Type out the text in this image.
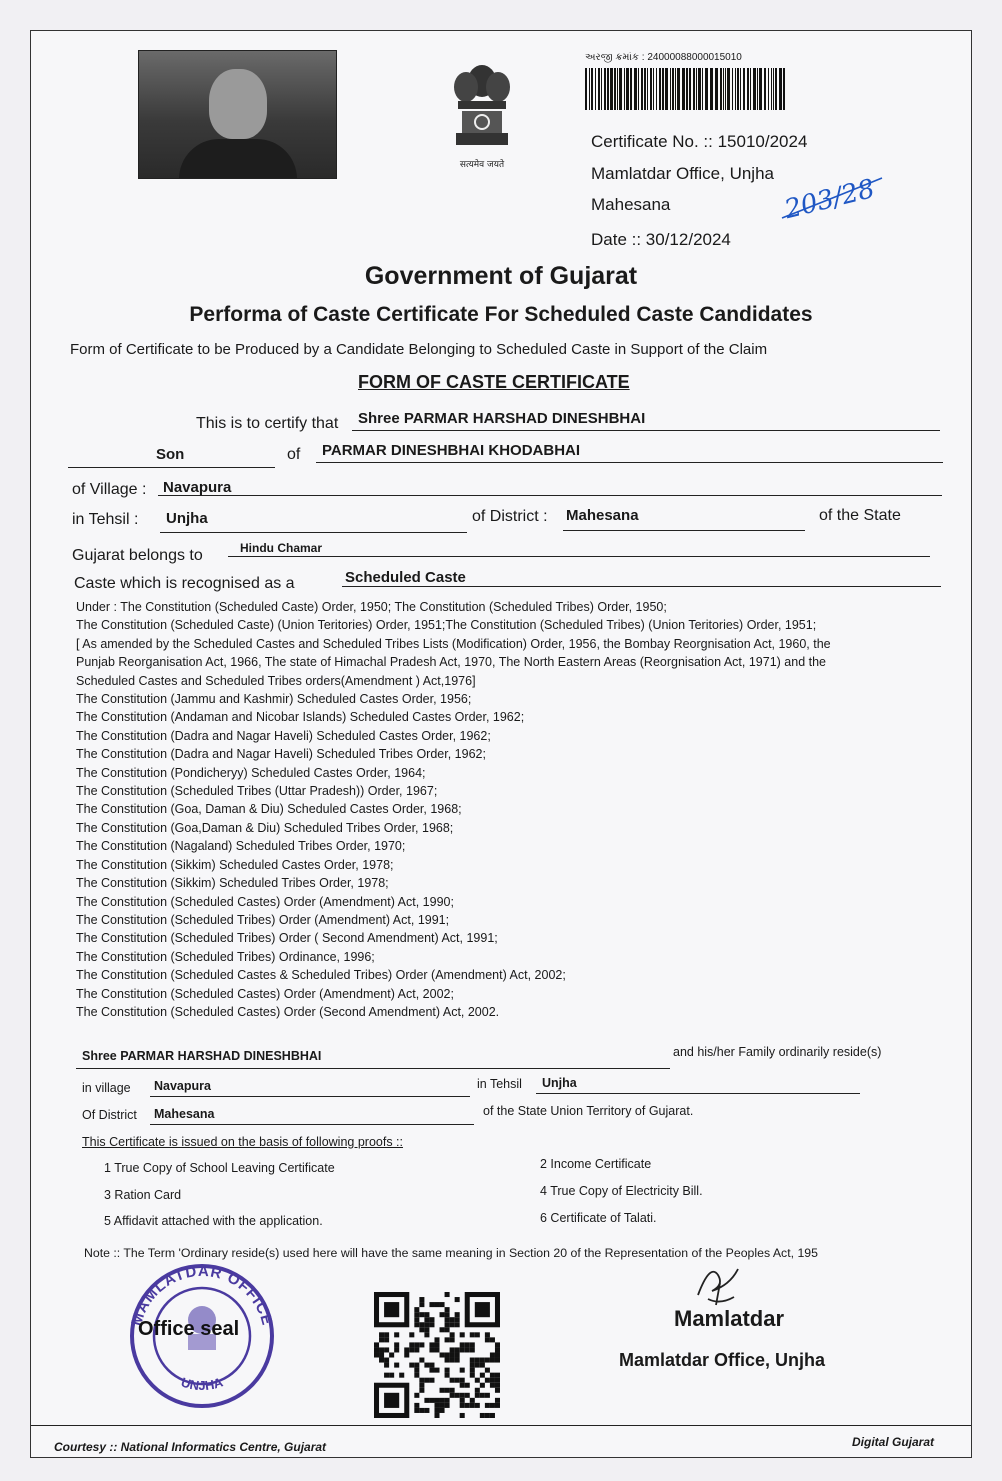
सत्यमेव जयते
અરજી ક્રમાંક : 24000088000015010
Certificate No. :: 15010/2024
Mamlatdar Office, Unjha
Mahesana
Date :: 30/12/2024
203/28
Government of Gujarat
Performa of Caste Certificate For Scheduled Caste Candidates
Form of Certificate to be Produced by a Candidate Belonging to Scheduled Caste in Support of the Claim
FORM OF CASTE CERTIFICATE
This is to certify that Shree PARMAR HARSHAD DINESHBHAI
Son	of PARMAR DINESHBHAI KHODABHAI
of Village : Navapura
in Tehsil : Unjha	of District : Mahesana	of the State
Gujarat belongs to	Hindu Chamar
Caste which is recognised as a	Scheduled Caste
Under : The Constitution (Scheduled Caste) Order, 1950; The Constitution (Scheduled Tribes) Order, 1950;
The Constitution (Scheduled Caste) (Union Teritories) Order, 1951;The Constitution (Scheduled Tribes) (Union Teritories) Order, 1951;
[ As amended by the Scheduled Castes and Scheduled Tribes Lists (Modification) Order, 1956, the Bombay Reorgnisation Act, 1960, the
Punjab Reorganisation Act, 1966, The state of Himachal Pradesh Act, 1970, The North Eastern Areas (Reorgnisation Act, 1971) and the
Scheduled Castes and Scheduled Tribes orders(Amendment ) Act,1976]
The Constitution (Jammu and Kashmir) Scheduled Castes Order, 1956;
The Constitution (Andaman and Nicobar Islands) Scheduled Castes Order, 1962;
The Constitution (Dadra and Nagar Haveli) Scheduled Castes Order, 1962;
The Constitution (Dadra and Nagar Haveli) Scheduled Tribes Order, 1962;
The Constitution (Pondicheryy) Scheduled Castes Order, 1964;
The Constitution (Scheduled Tribes (Uttar Pradesh)) Order, 1967;
The Constitution (Goa, Daman & Diu) Scheduled Castes Order, 1968;
The Constitution (Goa,Daman & Diu) Scheduled Tribes Order, 1968;
The Constitution (Nagaland) Scheduled Tribes Order, 1970;
The Constitution (Sikkim) Scheduled Castes Order, 1978;
The Constitution (Sikkim) Scheduled Tribes Order, 1978;
The Constitution (Scheduled Castes) Order (Amendment) Act, 1990;
The Constitution (Scheduled Tribes) Order (Amendment) Act, 1991;
The Constitution (Scheduled Tribes) Order ( Second Amendment) Act, 1991;
The Constitution (Scheduled Tribes) Ordinance, 1996;
The Constitution (Scheduled Castes & Scheduled Tribes) Order (Amendment) Act, 2002;
The Constitution (Scheduled Castes) Order (Amendment) Act, 2002;
The Constitution (Scheduled Castes) Order (Second Amendment) Act, 2002.
Shree PARMAR HARSHAD DINESHBHAI	and his/her Family ordinarily reside(s)
in village Navapura	in Tehsil Unjha
Of District Mahesana	of the State Union Territory of Gujarat.
This Certificate is issued on the basis of following proofs ::
1 True Copy of School Leaving Certificate	2 Income Certificate
3 Ration Card	4 True Copy of Electricity Bill.
5 Affidavit attached with the application.	6 Certificate of Talati.
Note :: The Term 'Ordinary reside(s) used here will have the same meaning in Section 20 of the Representation of the Peoples Act, 195
MAMLATDAR OFFICE
UNJHA
Office seal	Mamlatdar
Mamlatdar Office, Unjha
Courtesy :: National Informatics Centre, Gujarat	Digital Gujarat
